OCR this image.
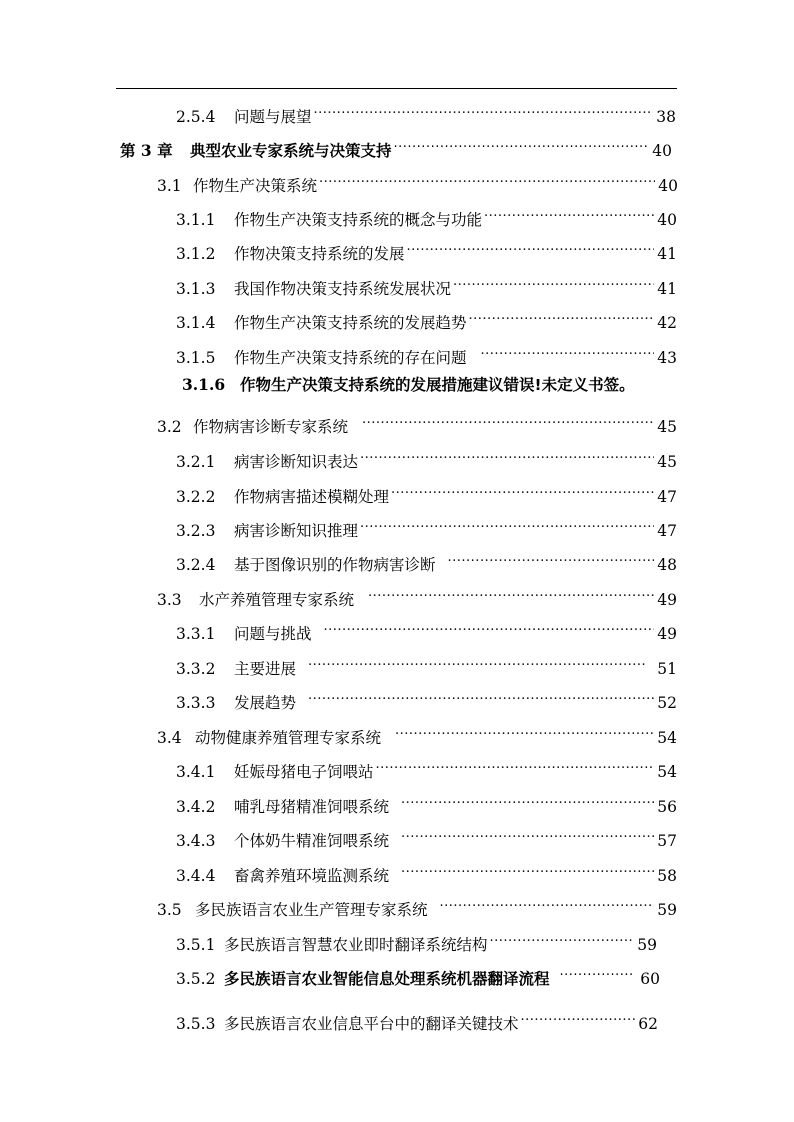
2.5.4	问题与展望 .....	38
第 3 章	典型农业专家系统与决策支持 .....	40
3.1 作物生产决策系统 .....	40
3.1.1	作物生产决策支持系统的概念与功能 .....	40
3.1.2	作物决策支持系统的发展 .....	41
3.1.3	我国作物决策支持系统发展状况 .....	41
3.1.4	作物生产决策支持系统的发展趋势 .....	42
3.1.5	作物生产决策支持系统的存在问题 .....	43
3.1.6 作物生产决策支持系统的发展措施建议错误!未定义书签。
3.2 作物病害诊断专家系统 .....	45
3.2.1	病害诊断知识表达 .....	45
3.2.2	作物病害描述模糊处理 .....	47
3.2.3	病害诊断知识推理 .....	47
3.2.4	基于图像识别的作物病害诊断 .....	48
3.3	水产养殖管理专家系统 .....	49
3.3.1	问题与挑战 .....	49
3.3.2	主要进展 .....	51
3.3.3	发展趋势 .....	52
3.4 动物健康养殖管理专家系统 .....	54
3.4.1	妊娠母猪电子饲喂站 .....	54
3.4.2	哺乳母猪精准饲喂系统 .....	56
3.4.3	个体奶牛精准饲喂系统 .....	57
3.4.4	畜禽养殖环境监测系统 .....	58
3.5 多民族语言农业生产管理专家系统 .....	59
3.5.1 多民族语言智慧农业即时翻译系统结构 .....	59
3.5.2 多民族语言农业智能信息处理系统机器翻译流程 .....	60
3.5.3 多民族语言农业信息平台中的翻译关键技术 .....	62
